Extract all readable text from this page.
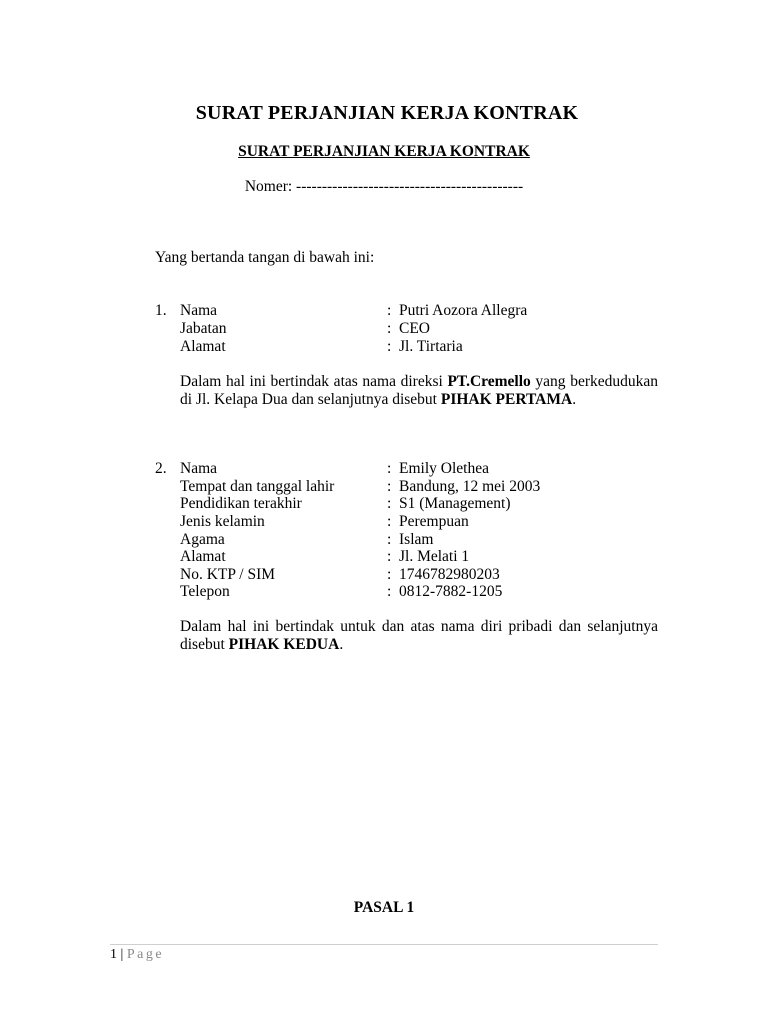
SURAT PERJANJIAN KERJA KONTRAK
SURAT PERJANJIAN KERJA KONTRAK
Nomer: --------------------------------------------
Yang bertanda tangan di bawah ini:
1. Nama	: Putri Aozora Allegra
Jabatan	: CEO
Alamat	: Jl. Tirtaria
Dalam hal ini bertindak atas nama direksi PT.Cremello yang berkedudukan di Jl. Kelapa Dua dan selanjutnya disebut PIHAK PERTAMA.
2. Nama	: Emily Olethea
Tempat dan tanggal lahir	: Bandung, 12 mei 2003
Pendidikan terakhir	: S1 (Management)
Jenis kelamin	: Perempuan
Agama	: Islam
Alamat	: Jl. Melati 1
No. KTP / SIM	: 1746782980203
Telepon	: 0812-7882-1205
Dalam hal ini bertindak untuk dan atas nama diri pribadi dan selanjutnya disebut PIHAK KEDUA.
PASAL 1
1 | Page
